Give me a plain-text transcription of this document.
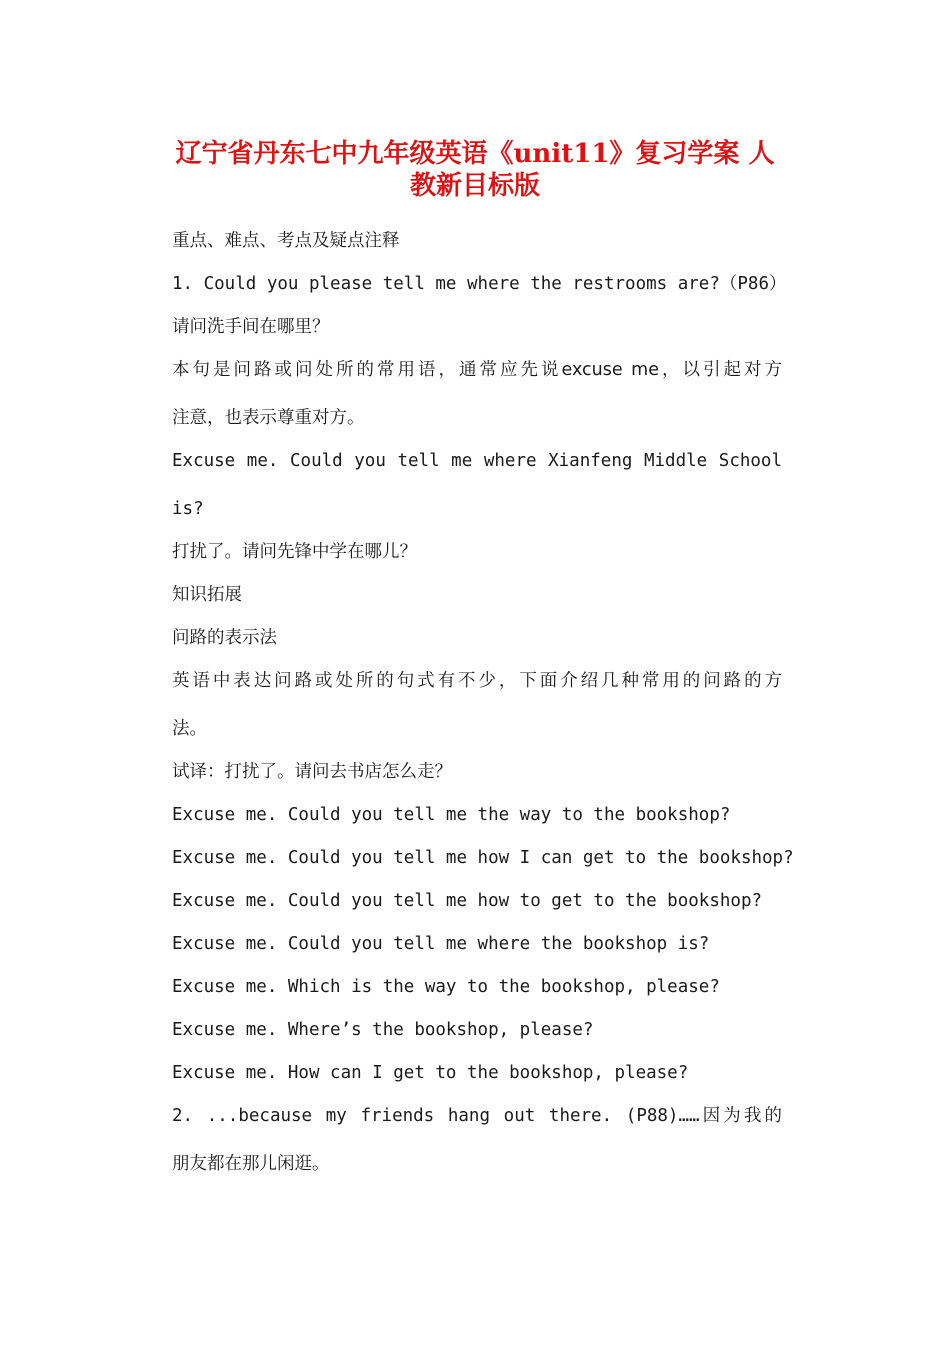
辽宁省丹东七中九年级英语《unit11》复习学案 人
教新目标版

重点、难点、考点及疑点注释

1. Could you please tell me where the restrooms are?（P86）

请问洗手间在哪里？

本句是问路或问处所的常用语，通常应先说excuse me，以引起对方

注意，也表示尊重对方。

Excuse me. Could you tell me where Xianfeng Middle School

is?

打扰了。请问先锋中学在哪儿？

知识拓展

问路的表示法

英语中表达问路或处所的句式有不少，下面介绍几种常用的问路的方

法。

试译：打扰了。请问去书店怎么走？

Excuse me. Could you tell me the way to the bookshop?

Excuse me. Could you tell me how I can get to the bookshop?

Excuse me. Could you tell me how to get to the bookshop?

Excuse me. Could you tell me where the bookshop is?

Excuse me. Which is the way to the bookshop, please?

Excuse me. Where’s the bookshop, please?

Excuse me. How can I get to the bookshop, please?

2. ...because my friends hang out there. (P88)……因为我的

朋友都在那儿闲逛。
